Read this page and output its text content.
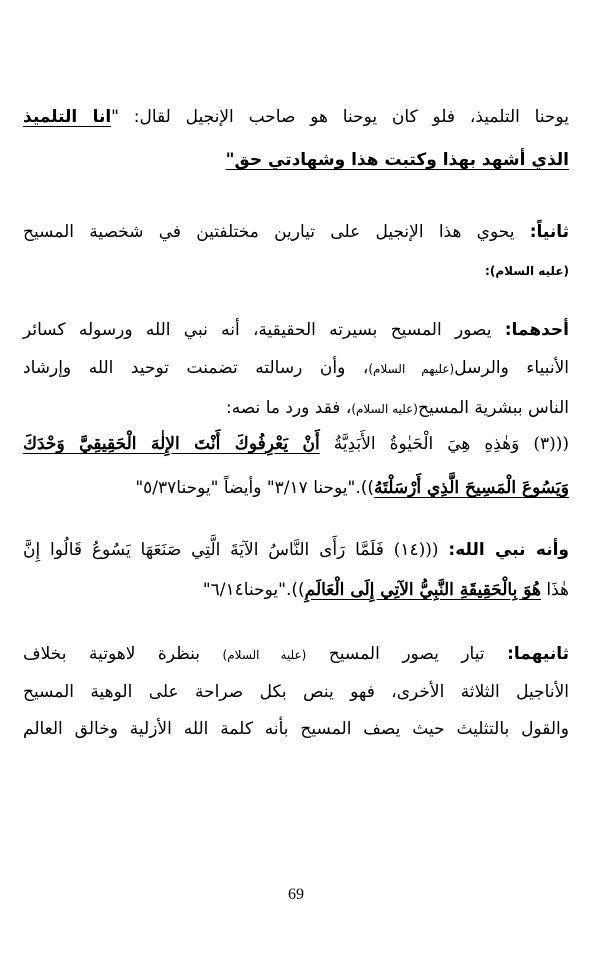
يوحنا التلميذ، فلو كان يوحنا هو صاحب الإنجيل لقال: "انا التلميذ

الذي أشهد بهذا وكتبت هذا وشهادتي حق"

ثانياً: يحوي هذا الإنجيل على تيارين مختلفتين في شخصية المسيح

(عليه السلام):

أحدهما: يصور المسيح بسيرته الحقيقية، أنه نبي الله ورسوله كسائر

الأنبياء والرسل(عليهم السلام)، وأن رسالته تضمنت توحيد الله وإرشاد

الناس ببشرية المسيح(عليه السلام)، فقد ورد ما نصه:

(((٣) وَهٰذِهِ هِيَ الْحَيٰوةُ الأَبَدِيَّةُ أَنْ يَعْرِفُوكَ أَنْتَ الإِلٰهَ الْحَقِيقِيَّ وَحْدَكَ

وَيَسُوعَ الْمَسِيحَ الَّذِي أَرْسَلْتَهُ))."يوحنا ٣/١٧" وأيضاً "يوحنا٥/٣٧"

وأنه نبي الله: (((١٤) فَلَمَّا رَأَى النَّاسُ الآيَةَ الَّتِي صَنَعَهَا يَسُوعُ قَالُوا إِنَّ

هٰذَا هُوَ بِالْحَقِيقَةِ النَّبِيُّ الآتِي إِلَى الْعَالَمِ))."يوحنا٦/١٤"

ثانيهما: تيار يصور المسيح (عليه السلام) بنظرة لاهوتية بخلاف

الأناجيل الثلاثة الأخرى، فهو ينص بكل صراحة على الوهية المسيح

والقول بالتثليث حيث يصف المسيح بأنه كلمة الله الأزلية وخالق العالم

69
